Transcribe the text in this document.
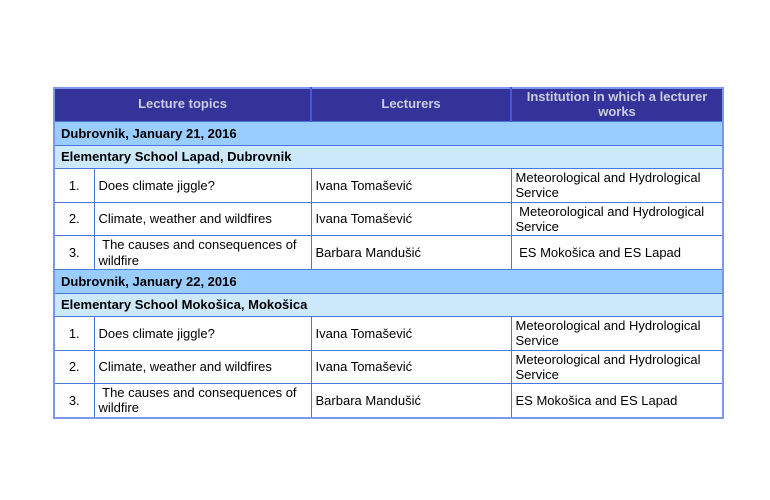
Lecture topics		Lecturers	Institution in which a lecturer works
Dubrovnik, January 21, 2016			
Elementary School Lapad, Dubrovnik			
1.	Does climate jiggle?	Ivana Tomašević	Meteorological and Hydrological Service
2.	Climate, weather and wildfires	Ivana Tomašević	Meteorological and Hydrological Service
3.	The causes and consequences of wildfire	Barbara Mandušić	ES Mokošica and ES Lapad
Dubrovnik, January 22, 2016			
Elementary School Mokošica, Mokošica			
1.	Does climate jiggle?	Ivana Tomašević	Meteorological and Hydrological Service
2.	Climate, weather and wildfires	Ivana Tomašević	Meteorological and Hydrological Service
3.	The causes and consequences of wildfire	Barbara Mandušić	ES Mokošica and ES Lapad
